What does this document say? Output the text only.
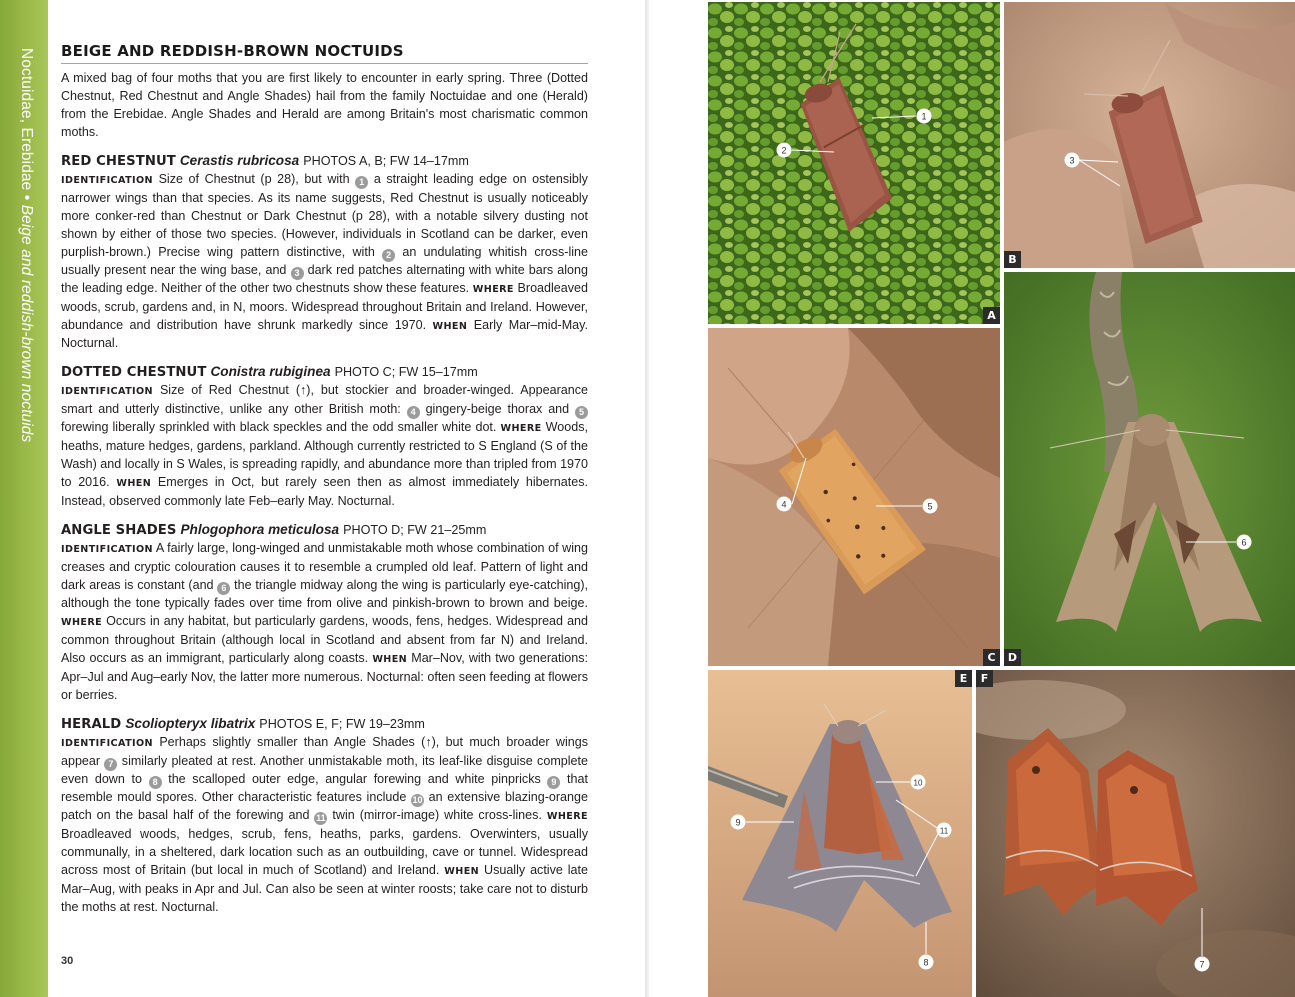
Noctuidae, Erebidae • Beige and reddish-brown noctuids
BEIGE AND REDDISH-BROWN NOCTUIDS

A mixed bag of four moths that you are first likely to encounter in early spring. Three (Dotted Chestnut, Red Chestnut and Angle Shades) hail from the family Noctuidae and one (Herald) from the Erebidae. Angle Shades and Herald are among Britain's most charismatic common moths.

RED CHESTNUT Cerastis rubricosa PHOTOS A, B; FW 14–17mm

IDENTIFICATION Size of Chestnut (p 28), but with 1 a straight leading edge on ostensibly narrower wings than that species. As its name suggests, Red Chestnut is usually noticeably more conker-red than Chestnut or Dark Chestnut (p 28), with a notable silvery dusting not shown by either of those two species. (However, individuals in Scotland can be darker, even purplish-brown.) Precise wing pattern distinctive, with 2 an undulating whitish cross-line usually present near the wing base, and 3 dark red patches alternating with white bars along the leading edge. Neither of the other two chestnuts show these features. WHERE Broadleaved woods, scrub, gardens and, in N, moors. Widespread throughout Britain and Ireland. However, abundance and distribution have shrunk markedly since 1970. WHEN Early Mar–mid-May. Nocturnal.

DOTTED CHESTNUT Conistra rubiginea PHOTO C; FW 15–17mm

IDENTIFICATION Size of Red Chestnut (↑), but stockier and broader-winged. Appearance smart and utterly distinctive, unlike any other British moth: 4 gingery-beige thorax and 5 forewing liberally sprinkled with black speckles and the odd smaller white dot. WHERE Woods, heaths, mature hedges, gardens, parkland. Although currently restricted to S England (S of the Wash) and locally in S Wales, is spreading rapidly, and abundance more than tripled from 1970 to 2016. WHEN Emerges in Oct, but rarely seen then as almost immediately hibernates. Instead, observed commonly late Feb–early May. Nocturnal.

ANGLE SHADES Phlogophora meticulosa PHOTO D; FW 21–25mm

IDENTIFICATION A fairly large, long-winged and unmistakable moth whose combination of wing creases and cryptic colouration causes it to resemble a crumpled old leaf. Pattern of light and dark areas is constant (and 6 the triangle midway along the wing is particularly eye-catching), although the tone typically fades over time from olive and pinkish-brown to brown and beige. WHERE Occurs in any habitat, but particularly gardens, woods, fens, hedges. Widespread and common throughout Britain (although local in Scotland and absent from far N) and Ireland. Also occurs as an immigrant, particularly along coasts. WHEN Mar–Nov, with two generations: Apr–Jul and Aug–early Nov, the latter more numerous. Nocturnal: often seen feeding at flowers or berries.

HERALD Scoliopteryx libatrix PHOTOS E, F; FW 19–23mm

IDENTIFICATION Perhaps slightly smaller than Angle Shades (↑), but much broader wings appear 7 similarly pleated at rest. Another unmistakable moth, its leaf-like disguise complete even down to 8 the scalloped outer edge, angular forewing and white pinpricks 9 that resemble mould spores. Other characteristic features include 10 an extensive blazing-orange patch on the basal half of the forewing and 11 twin (mirror-image) white cross-lines. WHERE Broadleaved woods, hedges, scrub, fens, heaths, parks, gardens. Overwinters, usually communally, in a sheltered, dark location such as an outbuilding, cave or tunnel. Widespread across most of Britain (but local in much of Scotland) and Ireland. WHEN Usually active late Mar–Aug, with peaks in Apr and Jul. Can also be seen at winter roosts; take care not to disturb the moths at rest. Nocturnal.

30
1
2
A
3
B
4	5
C
6
D
10
9
11
8
E
7
F
